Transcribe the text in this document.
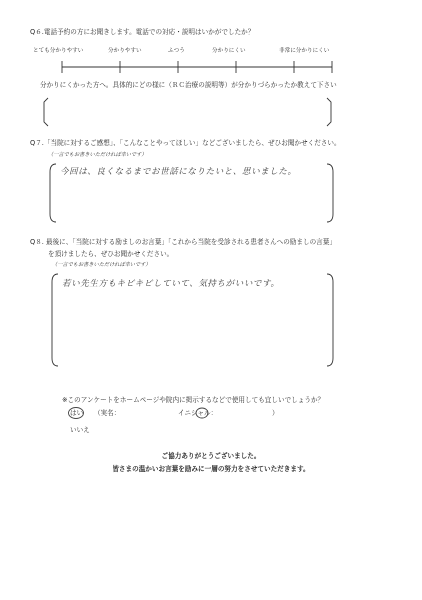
Q６.電話予約の方にお聞きします。電話での対応・説明はいかがでしたか？
とても分かりやすい	分かりやすい	ふつう	分かりにくい	非常に分かりにくい
分かりにくかった方へ。具体的にどの様に（ＲＣ治療の説明等）が分かりづらかったか教えて下さい
Q７.「当院に対するご感想」、「こんなことやってほしい」などございましたら、ぜひお聞かせください。
（一言でもお書きいただければ幸いです）
今回は、良くなるまでお世話になりたいと、思いました。
Q８. 最後に、「当院に対する励ましのお言葉」「これから当院を受診される患者さんへの励ましの言葉」
を頂けましたら、ぜひお聞かせください。
（一言でもお書きいただければ幸いです）
若い先生方もキビキビしていて、気持ちがいいです。
※このアンケートをホームページや院内に掲示するなどで使用しても宜しいでしょうか？
はい （実名：	イニシャル：	）
いいえ
ご協力ありがとうございました。
皆さまの温かいお言葉を励みに一層の努力をさせていただきます。
